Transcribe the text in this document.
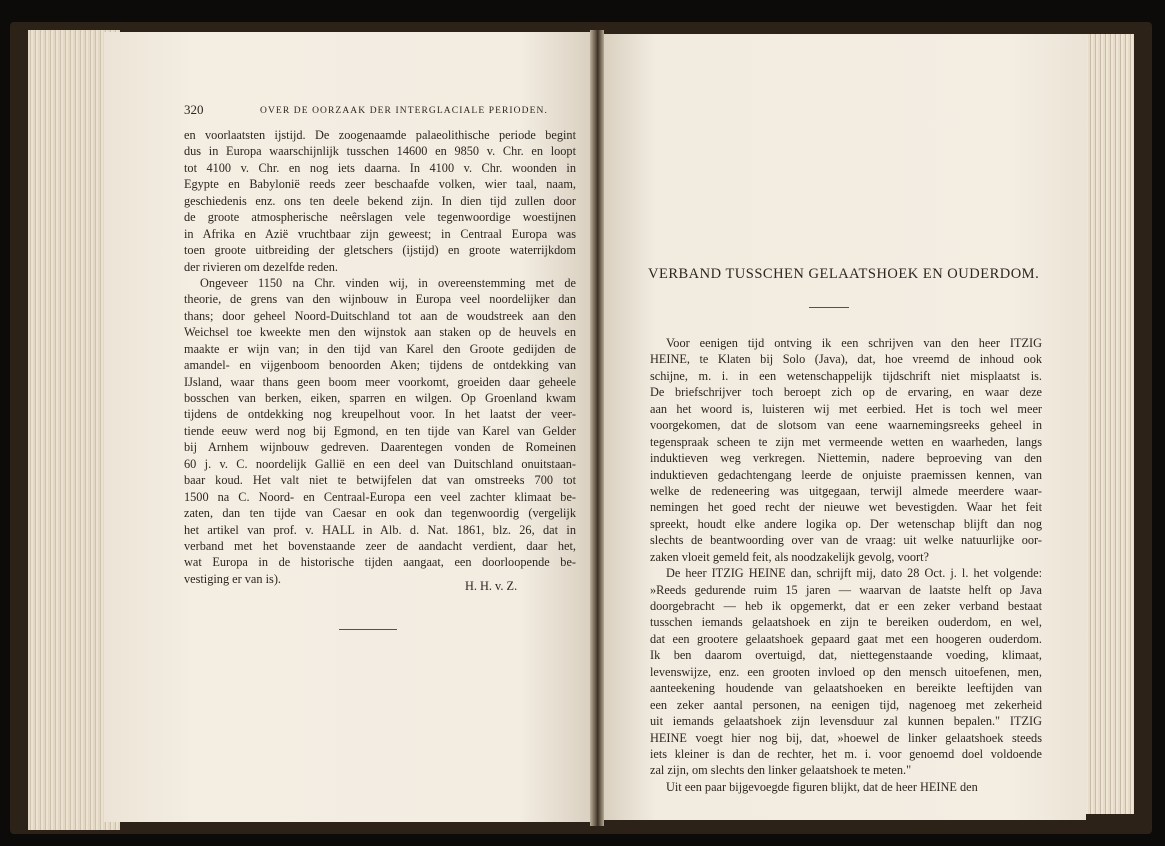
320	OVER DE OORZAAK DER INTERGLACIALE PERIODEN.
en voorlaatsten ijstijd. De zoogenaamde palaeolithische periode begint
dus in Europa waarschijnlijk tusschen 14600 en 9850 v. Chr. en loopt
tot 4100 v. Chr. en nog iets daarna. In 4100 v. Chr. woonden in
Egypte en Babylonië reeds zeer beschaafde volken, wier taal, naam,
geschiedenis enz. ons ten deele bekend zijn. In dien tijd zullen door
de groote atmospherische neêrslagen vele tegenwoordige woestijnen
in Afrika en Azië vruchtbaar zijn geweest; in Centraal Europa was
toen groote uitbreiding der gletschers (ijstijd) en groote waterrijkdom
der rivieren om dezelfde reden.
Ongeveer 1150 na Chr. vinden wij, in overeenstemming met de
theorie, de grens van den wijnbouw in Europa veel noordelijker dan
thans; door geheel Noord-Duitschland tot aan de woudstreek aan den
Weichsel toe kweekte men den wijnstok aan staken op de heuvels en
maakte er wijn van; in den tijd van Karel den Groote gedijden de
amandel- en vijgenboom benoorden Aken; tijdens de ontdekking van
IJsland, waar thans geen boom meer voorkomt, groeiden daar geheele
bosschen van berken, eiken, sparren en wilgen. Op Groenland kwam
tijdens de ontdekking nog kreupelhout voor. In het laatst der veer-
tiende eeuw werd nog bij Egmond, en ten tijde van Karel van Gelder
bij Arnhem wijnbouw gedreven. Daarentegen vonden de Romeinen
60 j. v. C. noordelijk Gallië en een deel van Duitschland onuitstaan-
baar koud. Het valt niet te betwijfelen dat van omstreeks 700 tot
1500 na C. Noord- en Centraal-Europa een veel zachter klimaat be-
zaten, dan ten tijde van Caesar en ook dan tegenwoordig (vergelijk
het artikel van prof. v. HALL in Alb. d. Nat. 1861, blz. 26, dat in
verband met het bovenstaande zeer de aandacht verdient, daar het,
wat Europa in de historische tijden aangaat, een doorloopende be-
vestiging er van is).
H. H. v. Z.
VERBAND TUSSCHEN GELAATSHOEK EN OUDERDOM.
Voor eenigen tijd ontving ik een schrijven van den heer ITZIG
HEINE, te Klaten bij Solo (Java), dat, hoe vreemd de inhoud ook
schijne, m. i. in een wetenschappelijk tijdschrift niet misplaatst is.
De briefschrijver toch beroept zich op de ervaring, en waar deze
aan het woord is, luisteren wij met eerbied. Het is toch wel meer
voorgekomen, dat de slotsom van eene waarnemingsreeks geheel in
tegenspraak scheen te zijn met vermeende wetten en waarheden, langs
induktieven weg verkregen. Niettemin, nadere beproeving van den
induktieven gedachtengang leerde de onjuiste praemissen kennen, van
welke de redeneering was uitgegaan, terwijl almede meerdere waar-
nemingen het goed recht der nieuwe wet bevestigden. Waar het feit
spreekt, houdt elke andere logika op. Der wetenschap blijft dan nog
slechts de beantwoording over van de vraag: uit welke natuurlijke oor-
zaken vloeit gemeld feit, als noodzakelijk gevolg, voort?
De heer ITZIG HEINE dan, schrijft mij, dato 28 Oct. j. l. het volgende:
»Reeds gedurende ruim 15 jaren — waarvan de laatste helft op Java
doorgebracht — heb ik opgemerkt, dat er een zeker verband bestaat
tusschen iemands gelaatshoek en zijn te bereiken ouderdom, en wel,
dat een grootere gelaatshoek gepaard gaat met een hoogeren ouderdom.
Ik ben daarom overtuigd, dat, niettegenstaande voeding, klimaat,
levenswijze, enz. een grooten invloed op den mensch uitoefenen, men,
aanteekening houdende van gelaatshoeken en bereikte leeftijden van
een zeker aantal personen, na eenigen tijd, nagenoeg met zekerheid
uit iemands gelaatshoek zijn levensduur zal kunnen bepalen." ITZIG
HEINE voegt hier nog bij, dat, »hoewel de linker gelaatshoek steeds
iets kleiner is dan de rechter, het m. i. voor genoemd doel voldoende
zal zijn, om slechts den linker gelaatshoek te meten."
Uit een paar bijgevoegde figuren blijkt, dat de heer HEINE den
